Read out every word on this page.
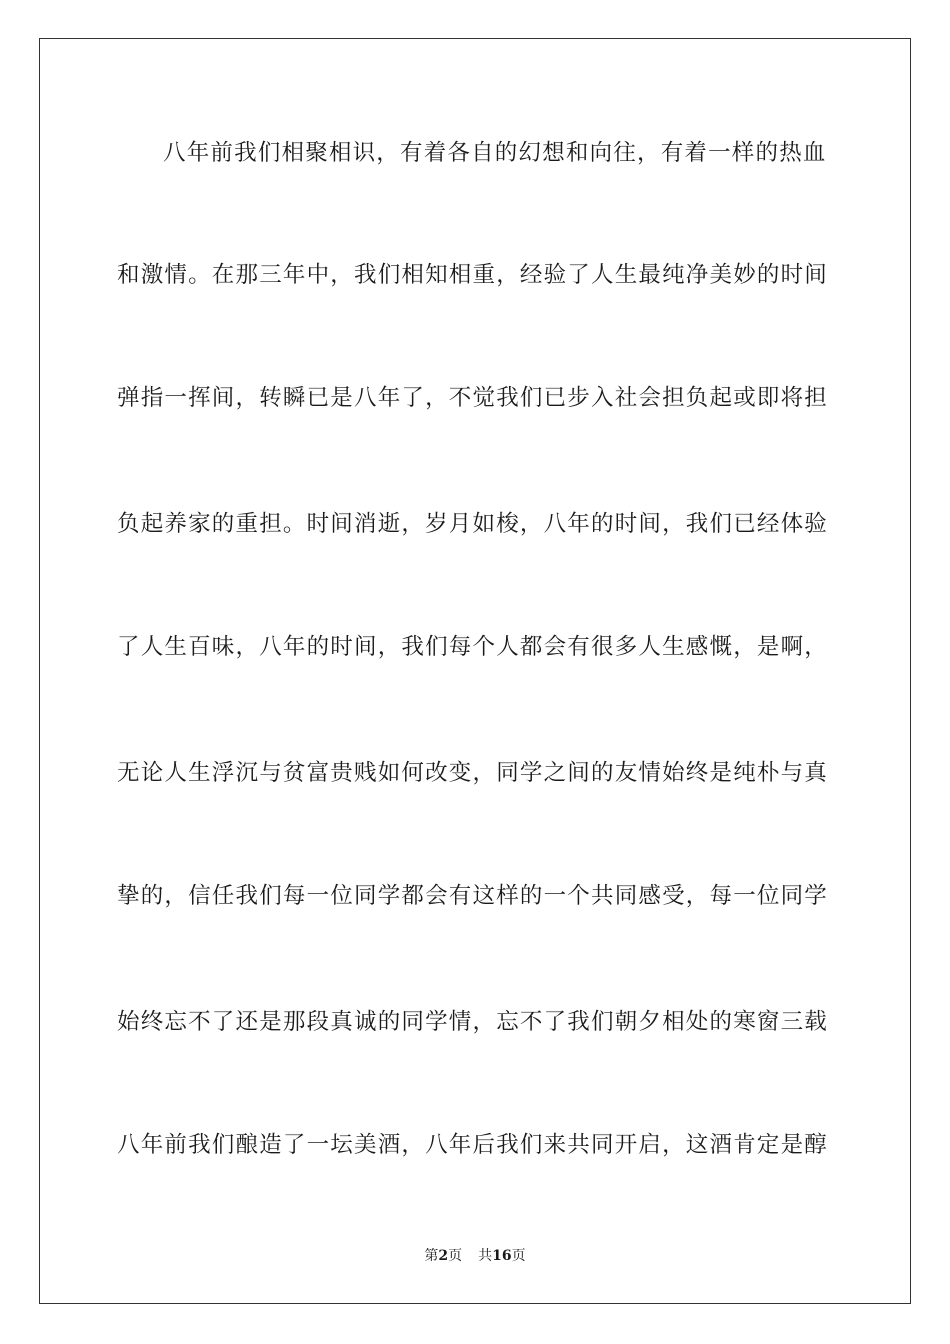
八年前我们相聚相识，有着各自的幻想和向往，有着一样的热血
和激情。在那三年中，我们相知相重，经验了人生最纯净美妙的时间
弹指一挥间，转瞬已是八年了，不觉我们已步入社会担负起或即将担
负起养家的重担。时间消逝，岁月如梭，八年的时间，我们已经体验
了人生百味，八年的时间，我们每个人都会有很多人生感慨，是啊，
无论人生浮沉与贫富贵贱如何改变，同学之间的友情始终是纯朴与真
挚的，信任我们每一位同学都会有这样的一个共同感受，每一位同学
始终忘不了还是那段真诚的同学情，忘不了我们朝夕相处的寒窗三载
八年前我们酿造了一坛美酒，八年后我们来共同开启，这酒肯定是醇
第2页 共16页
